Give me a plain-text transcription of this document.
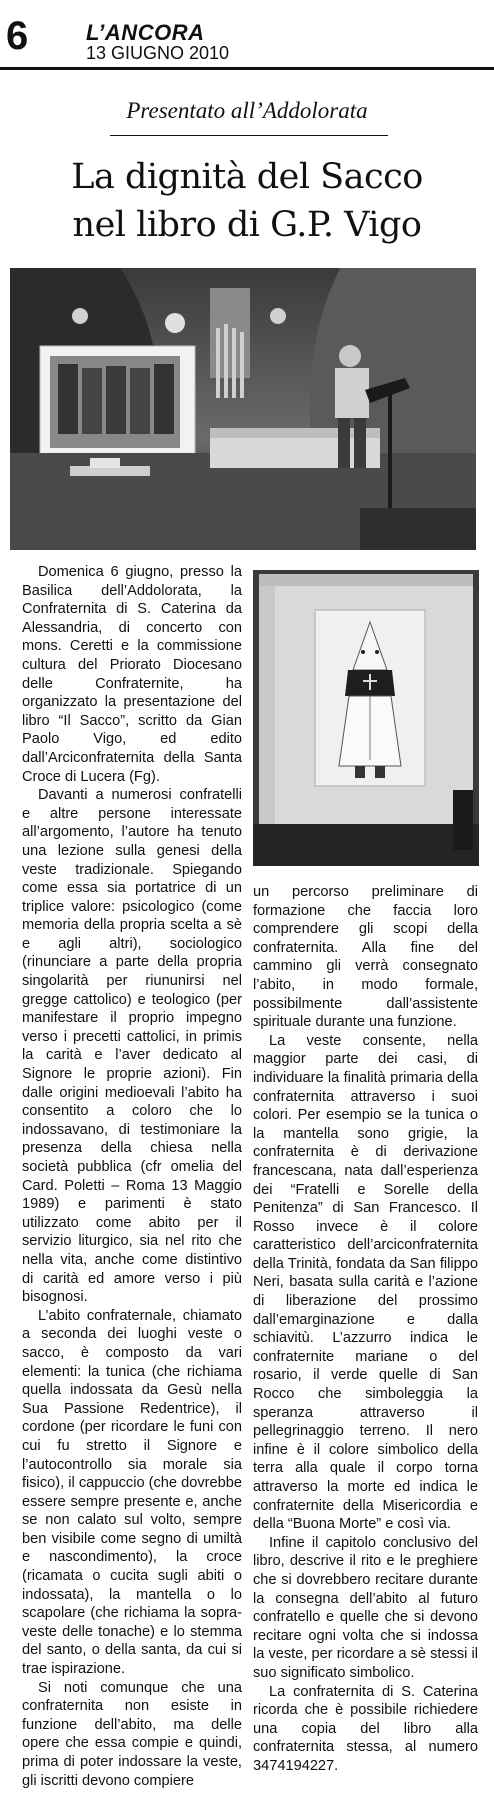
6	L’ANCORA
13 GIUGNO 2010
Presentato all’Addolorata
La dignità del Sacco
nel libro di G.P. Vigo

Domenica 6 giugno, presso la Basilica dell’Addolorata, la Confraternita di S. Caterina da Alessandria, di concerto con mons. Ceretti e la commissione cultura del Priorato Diocesano delle Confraternite, ha organizzato la presentazione del libro “Il Sacco”, scritto da Gian Paolo Vigo, ed edito dall’Arciconfraternita della Santa Croce di Lucera (Fg).

Davanti a numerosi confratelli e altre persone interessate all’argomento, l’autore ha tenuto una lezione sulla genesi della veste tradizionale. Spiegando come essa sia portatrice di un triplice valore: psicologico (come memoria della propria scelta a sè e agli altri), sociologico (rinunciare a parte della propria singolarità per riununirsi nel gregge cattolico) e teologico (per manifestare il proprio impegno verso i precetti cattolici, in primis la carità e l’aver dedicato al Signore le proprie azioni). Fin dalle origini medioevali l’abito ha consentito a coloro che lo indossavano, di testimoniare la presenza della chiesa nella società pubblica (cfr omelia del Card. Poletti – Roma 13 Maggio 1989) e parimenti è stato utilizzato come abito per il servizio liturgico, sia nel rito che nella vita, anche come distintivo di carità ed amore verso i più bisognosi.

L’abito confraternale, chiamato a seconda dei luoghi veste o sacco, è composto da vari elementi: la tunica (che richiama quella indossata da Gesù nella Sua Passione Redentrice), il cordone (per ricordare le funi con cui fu stretto il Signore e l’autocontrollo sia morale sia fisico), il cappuccio (che dovrebbe essere sempre presente e, anche se non calato sul volto, sempre ben visibile come segno di umiltà e nascondimento), la croce (ricamata o cucita sugli abiti o indossata), la mantella o lo scapolare (che richiama la sopra-veste delle tonache) e lo stemma del santo, o della santa, da cui si trae ispirazione.

Si noti comunque che una confraternita non esiste in funzione dell’abito, ma delle opere che essa compie e quindi, prima di poter indossare la veste, gli iscritti devono compiere

un percorso preliminare di formazione che faccia loro comprendere gli scopi della confraternita. Alla fine del cammino gli verrà consegnato l’abito, in modo formale, possibilmente dall’assistente spirituale durante una funzione.

La veste consente, nella maggior parte dei casi, di individuare la finalità primaria della confraternita attraverso i suoi colori. Per esempio se la tunica o la mantella sono grigie, la confraternita è di derivazione francescana, nata dall’esperienza dei “Fratelli e Sorelle della Penitenza” di San Francesco. Il Rosso invece è il colore caratteristico dell’arciconfraternita della Trinità, fondata da San filippo Neri, basata sulla carità e l’azione di liberazione del prossimo dall’emarginazione e dalla schiavitù. L’azzurro indica le confraternite mariane o del rosario, il verde quelle di San Rocco che simboleggia la speranza attraverso il pellegrinaggio terreno. Il nero infine è il colore simbolico della terra alla quale il corpo torna attraverso la morte ed indica le confraternite della Misericordia e della “Buona Morte” e così via.

Infine il capitolo conclusivo del libro, descrive il rito e le preghiere che si dovrebbero recitare durante la consegna dell’abito al futuro confratello e quelle che si devono recitare ogni volta che si indossa la veste, per ricordare a sè stessi il suo significato simbolico.

La confraternita di S. Caterina ricorda che è possibile richiedere una copia del libro alla confraternita stessa, al numero 3474194227.
